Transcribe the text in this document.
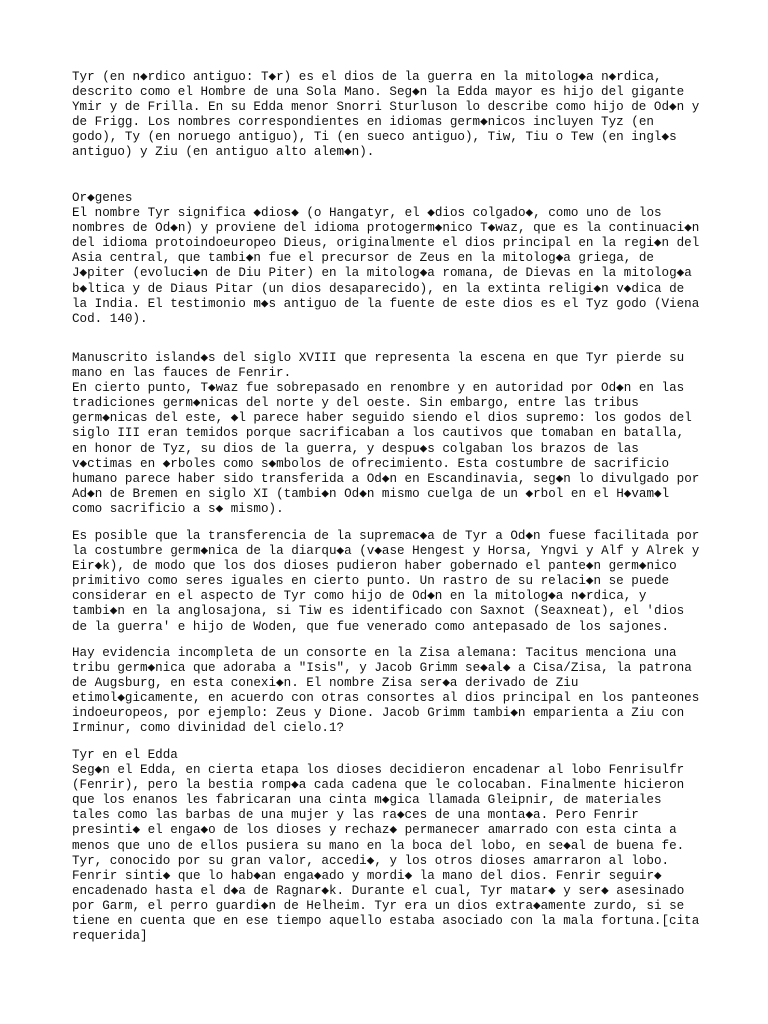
Tyr (en n◆rdico antiguo: T◆r) es el dios de la guerra en la mitolog◆a n◆rdica,
descrito como el Hombre de una Sola Mano. Seg◆n la Edda mayor es hijo del gigante
Ymir y de Frilla. En su Edda menor Snorri Sturluson lo describe como hijo de Od◆n y
de Frigg. Los nombres correspondientes en idiomas germ◆nicos incluyen Tyz (en
godo), Ty (en noruego antiguo), Ti (en sueco antiguo), Tiw, Tiu o Tew (en ingl◆s
antiguo) y Ziu (en antiguo alto alem◆n).

Or◆genes
El nombre Tyr significa ◆dios◆ (o Hangatyr, el ◆dios colgado◆, como uno de los
nombres de Od◆n) y proviene del idioma protogerm◆nico T◆waz, que es la continuaci◆n
del idioma protoindoeuropeo Dieus, originalmente el dios principal en la regi◆n del
Asia central, que tambi◆n fue el precursor de Zeus en la mitolog◆a griega, de
J◆piter (evoluci◆n de Diu Piter) en la mitolog◆a romana, de Dievas en la mitolog◆a
b◆ltica y de Diaus Pitar (un dios desaparecido), en la extinta religi◆n v◆dica de
la India. El testimonio m◆s antiguo de la fuente de este dios es el Tyz godo (Viena
Cod. 140).

Manuscrito island◆s del siglo XVIII que representa la escena en que Tyr pierde su
mano en las fauces de Fenrir.
En cierto punto, T◆waz fue sobrepasado en renombre y en autoridad por Od◆n en las
tradiciones germ◆nicas del norte y del oeste. Sin embargo, entre las tribus
germ◆nicas del este, ◆l parece haber seguido siendo el dios supremo: los godos del
siglo III eran temidos porque sacrificaban a los cautivos que tomaban en batalla,
en honor de Tyz, su dios de la guerra, y despu◆s colgaban los brazos de las
v◆ctimas en ◆rboles como s◆mbolos de ofrecimiento. Esta costumbre de sacrificio
humano parece haber sido transferida a Od◆n en Escandinavia, seg◆n lo divulgado por
Ad◆n de Bremen en siglo XI (tambi◆n Od◆n mismo cuelga de un ◆rbol en el H◆vam◆l
como sacrificio a s◆ mismo).

Es posible que la transferencia de la supremac◆a de Tyr a Od◆n fuese facilitada por
la costumbre germ◆nica de la diarqu◆a (v◆ase Hengest y Horsa, Yngvi y Alf y Alrek y
Eir◆k), de modo que los dos dioses pudieron haber gobernado el pante◆n germ◆nico
primitivo como seres iguales en cierto punto. Un rastro de su relaci◆n se puede
considerar en el aspecto de Tyr como hijo de Od◆n en la mitolog◆a n◆rdica, y
tambi◆n en la anglosajona, si Tiw es identificado con Saxnot (Seaxneat), el 'dios
de la guerra' e hijo de Woden, que fue venerado como antepasado de los sajones.

Hay evidencia incompleta de un consorte en la Zisa alemana: Tacitus menciona una
tribu germ◆nica que adoraba a "Isis", y Jacob Grimm se◆al◆ a Cisa/Zisa, la patrona
de Augsburg, en esta conexi◆n. El nombre Zisa ser◆a derivado de Ziu
etimol◆gicamente, en acuerdo con otras consortes al dios principal en los panteones
indoeuropeos, por ejemplo: Zeus y Dione. Jacob Grimm tambi◆n emparienta a Ziu con
Irminur, como divinidad del cielo.1?

Tyr en el Edda
Seg◆n el Edda, en cierta etapa los dioses decidieron encadenar al lobo Fenrisulfr
(Fenrir), pero la bestia romp◆a cada cadena que le colocaban. Finalmente hicieron
que los enanos les fabricaran una cinta m◆gica llamada Gleipnir, de materiales
tales como las barbas de una mujer y las ra◆ces de una monta◆a. Pero Fenrir
presinti◆ el enga◆o de los dioses y rechaz◆ permanecer amarrado con esta cinta a
menos que uno de ellos pusiera su mano en la boca del lobo, en se◆al de buena fe.
Tyr, conocido por su gran valor, accedi◆, y los otros dioses amarraron al lobo.
Fenrir sinti◆ que lo hab◆an enga◆ado y mordi◆ la mano del dios. Fenrir seguir◆
encadenado hasta el d◆a de Ragnar◆k. Durante el cual, Tyr matar◆ y ser◆ asesinado
por Garm, el perro guardi◆n de Helheim. Tyr era un dios extra◆amente zurdo, si se
tiene en cuenta que en ese tiempo aquello estaba asociado con la mala fortuna.[cita
requerida]
